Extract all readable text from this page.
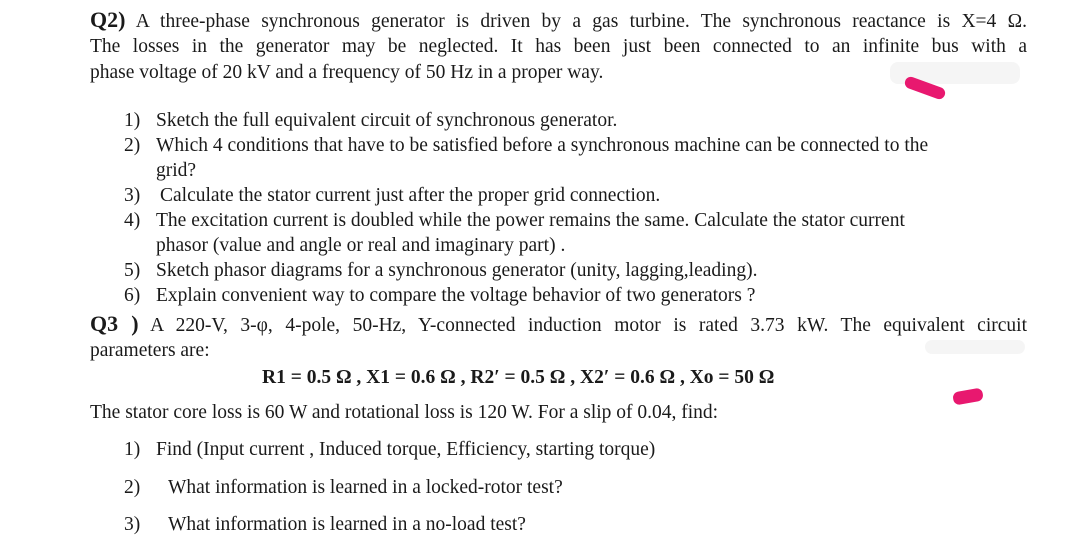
Q2) A three-phase synchronous generator is driven by a gas turbine. The synchronous reactance is X=4 Ω.
The losses in the generator may be neglected. It has been just been connected to an infinite bus with a
phase voltage of 20 kV and a frequency of 50 Hz in a proper way.
1) Sketch the full equivalent circuit of synchronous generator.
2) Which 4 conditions that have to be satisfied before a synchronous machine can be connected to the
grid?
3) Calculate the stator current just after the proper grid connection.
4) The excitation current is doubled while the power remains the same. Calculate the stator current
phasor (value and angle or real and imaginary part) .
5) Sketch phasor diagrams for a synchronous generator (unity, lagging,leading).
6) Explain convenient way to compare the voltage behavior of two generators ?
Q3 ) A 220-V, 3-φ, 4-pole, 50-Hz, Y-connected induction motor is rated 3.73 kW. The equivalent circuit
parameters are:
R1 = 0.5 Ω , X1 = 0.6 Ω , R2′ = 0.5 Ω , X2′ = 0.6 Ω , Xo = 50 Ω
The stator core loss is 60 W and rotational loss is 120 W. For a slip of 0.04, find:
1) Find (Input current , Induced torque, Efficiency, starting torque)
2) What information is learned in a locked-rotor test?
3) What information is learned in a no-load test?
